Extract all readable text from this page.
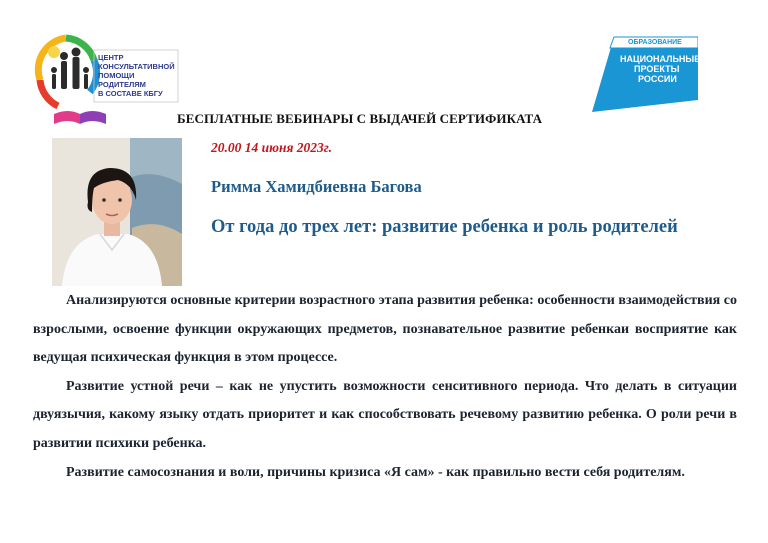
ЦЕНТР
КОНСУЛЬТАТИВНОЙ
ПОМОЩИ
РОДИТЕЛЯМ
В СОСТАВЕ КБГУ
ОБРАЗОВАНИЕ
НАЦИОНАЛЬНЫЕ
ПРОЕКТЫ
РОССИИ
БЕСПЛАТНЫЕ ВЕБИНАРЫ С ВЫДАЧЕЙ СЕРТИФИКАТА
20.00 14 июня 2023г.
Римма Хамидбиевна Багова
От года до трех лет: развитие ребенка и роль родителей

Анализируются основные критерии возрастного этапа развития ребенка: особенности взаимодействия со взрослыми, освоение функции окружающих предметов, познавательное развитие ребенкаи восприятие как ведущая психическая функция в этом процессе.

Развитие устной речи – как не упустить возможности сенситивного периода. Что делать в ситуации двуязычия, какому языку отдать приоритет и как способствовать речевому развитию ребенка. О роли речи в развитии психики ребенка.

Развитие самосознания и воли, причины кризиса «Я сам» - как правильно вести себя родителям.
